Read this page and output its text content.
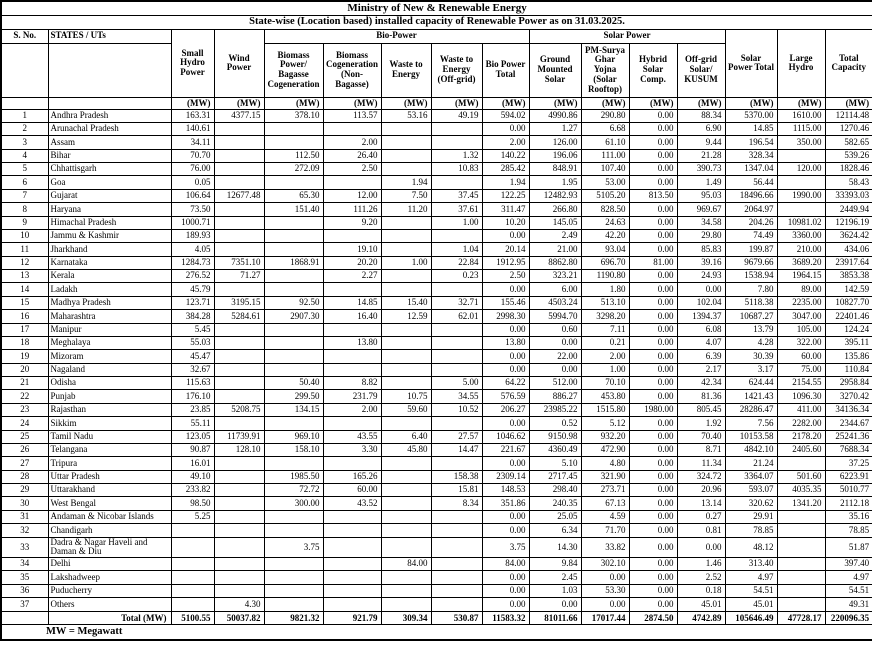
Ministry of New & Renewable Energy															
State-wise (Location based) installed capacity of Renewable Power as on 31.03.2025.															
S. No.	STATES / UTs	Small Hydro Power	Wind Power	Bio-Power					Solar Power				Solar Power Total	Large Hydro	Total Capacity
				Biomass Power/ Bagasse Cogeneration	Biomass Cogeneration (Non-Bagasse)	Waste to Energy	Waste to Energy (Off-grid)	Bio Power Total	Ground Mounted Solar	PM-Surya Ghar Yojna (Solar Rooftop)	Hybrid Solar Comp.	Off-grid Solar/ KUSUM			
		(MW)	(MW)	(MW)	(MW)	(MW)	(MW)	(MW)	(MW)	(MW)	(MW)	(MW)	(MW)	(MW)	(MW)
1	Andhra Pradesh	163.31	4377.15	378.10	113.57	53.16	49.19	594.02	4990.86	290.80	0.00	88.34	5370.00	1610.00	12114.48
2	Arunachal Pradesh	140.61						0.00	1.27	6.68	0.00	6.90	14.85	1115.00	1270.46
3	Assam	34.11			2.00			2.00	126.00	61.10	0.00	9.44	196.54	350.00	582.65
4	Bihar	70.70		112.50	26.40		1.32	140.22	196.06	111.00	0.00	21.28	328.34		539.26
5	Chhattisgarh	76.00		272.09	2.50		10.83	285.42	848.91	107.40	0.00	390.73	1347.04	120.00	1828.46
6	Goa	0.05				1.94		1.94	1.95	53.00	0.00	1.49	56.44		58.43
7	Gujarat	106.64	12677.48	65.30	12.00	7.50	37.45	122.25	12482.93	5105.20	813.50	95.03	18496.66	1990.00	33393.03
8	Haryana	73.50		151.40	111.26	11.20	37.61	311.47	266.80	828.50	0.00	969.67	2064.97		2449.94
9	Himachal Pradesh	1000.71			9.20		1.00	10.20	145.05	24.63	0.00	34.58	204.26	10981.02	12196.19
10	Jammu & Kashmir	189.93						0.00	2.49	42.20	0.00	29.80	74.49	3360.00	3624.42
11	Jharkhand	4.05			19.10		1.04	20.14	21.00	93.04	0.00	85.83	199.87	210.00	434.06
12	Karnataka	1284.73	7351.10	1868.91	20.20	1.00	22.84	1912.95	8862.80	696.70	81.00	39.16	9679.66	3689.20	23917.64
13	Kerala	276.52	71.27		2.27		0.23	2.50	323.21	1190.80	0.00	24.93	1538.94	1964.15	3853.38
14	Ladakh	45.79						0.00	6.00	1.80	0.00	0.00	7.80	89.00	142.59
15	Madhya Pradesh	123.71	3195.15	92.50	14.85	15.40	32.71	155.46	4503.24	513.10	0.00	102.04	5118.38	2235.00	10827.70
16	Maharashtra	384.28	5284.61	2907.30	16.40	12.59	62.01	2998.30	5994.70	3298.20	0.00	1394.37	10687.27	3047.00	22401.46
17	Manipur	5.45						0.00	0.60	7.11	0.00	6.08	13.79	105.00	124.24
18	Meghalaya	55.03			13.80			13.80	0.00	0.21	0.00	4.07	4.28	322.00	395.11
19	Mizoram	45.47						0.00	22.00	2.00	0.00	6.39	30.39	60.00	135.86
20	Nagaland	32.67						0.00	0.00	1.00	0.00	2.17	3.17	75.00	110.84
21	Odisha	115.63		50.40	8.82		5.00	64.22	512.00	70.10	0.00	42.34	624.44	2154.55	2958.84
22	Punjab	176.10		299.50	231.79	10.75	34.55	576.59	886.27	453.80	0.00	81.36	1421.43	1096.30	3270.42
23	Rajasthan	23.85	5208.75	134.15	2.00	59.60	10.52	206.27	23985.22	1515.80	1980.00	805.45	28286.47	411.00	34136.34
24	Sikkim	55.11						0.00	0.52	5.12	0.00	1.92	7.56	2282.00	2344.67
25	Tamil Nadu	123.05	11739.91	969.10	43.55	6.40	27.57	1046.62	9150.98	932.20	0.00	70.40	10153.58	2178.20	25241.36
26	Telangana	90.87	128.10	158.10	3.30	45.80	14.47	221.67	4360.49	472.90	0.00	8.71	4842.10	2405.60	7688.34
27	Tripura	16.01						0.00	5.10	4.80	0.00	11.34	21.24		37.25
28	Uttar Pradesh	49.10		1985.50	165.26		158.38	2309.14	2717.45	321.90	0.00	324.72	3364.07	501.60	6223.91
29	Uttarakhand	233.82		72.72	60.00		15.81	148.53	298.40	273.71	0.00	20.96	593.07	4035.35	5010.77
30	West Bengal	98.50		300.00	43.52		8.34	351.86	240.35	67.13	0.00	13.14	320.62	1341.20	2112.18
31	Andaman & Nicobar Islands	5.25						0.00	25.05	4.59	0.00	0.27	29.91		35.16
32	Chandigarh							0.00	6.34	71.70	0.00	0.81	78.85		78.85
33	Dadra & Nagar Haveli and Daman & Diu			3.75				3.75	14.30	33.82	0.00	0.00	48.12		51.87
34	Delhi					84.00		84.00	9.84	302.10	0.00	1.46	313.40		397.40
35	Lakshadweep							0.00	2.45	0.00	0.00	2.52	4.97		4.97
36	Puducherry							0.00	1.03	53.30	0.00	0.18	54.51		54.51
37	Others		4.30					0.00	0.00	0.00	0.00	45.01	45.01		49.31
	Total (MW)	5100.55	50037.82	9821.32	921.79	309.34	530.87	11583.32	81011.66	17017.44	2874.50	4742.89	105646.49	47728.17	220096.35
MW = Megawatt															
